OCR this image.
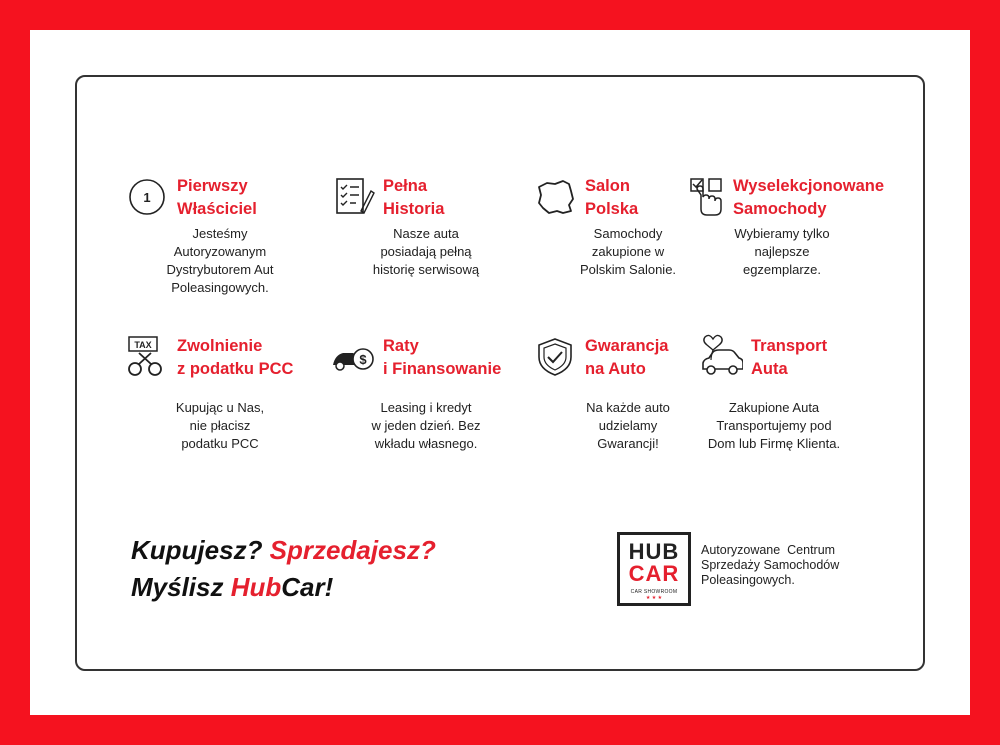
1
Pierwszy
Właściciel
Jesteśmy
Autoryzowanym
Dystrybutorem Aut
Poleasingowych.
Pełna
Historia
Nasze auta
posiadają pełną
historię serwisową
Salon
Polska
Samochody
zakupione w
Polskim Salonie.
Wyselekcjonowane
Samochody
Wybieramy tylko
najlepsze
egzemplarze.
TAX Zwolnienie
z podatku PCC
Kupując u Nas,
nie płacisz
podatku PCC
$
Raty
i Finansowanie
Leasing i kredyt
w jeden dzień. Bez
wkładu własnego.
Gwarancja
na Auto
Na każde auto
udzielamy
Gwarancji!
Transport
Auta
Zakupione Auta
Transportujemy pod
Dom lub Firmę Klienta.
Kupujesz? Sprzedajesz?
Myślisz HubCar!
HUB
CAR
CAR SHOWROOM
★ ★ ★
Autoryzowane  Centrum
Sprzedaży Samochodów
Poleasingowych.
